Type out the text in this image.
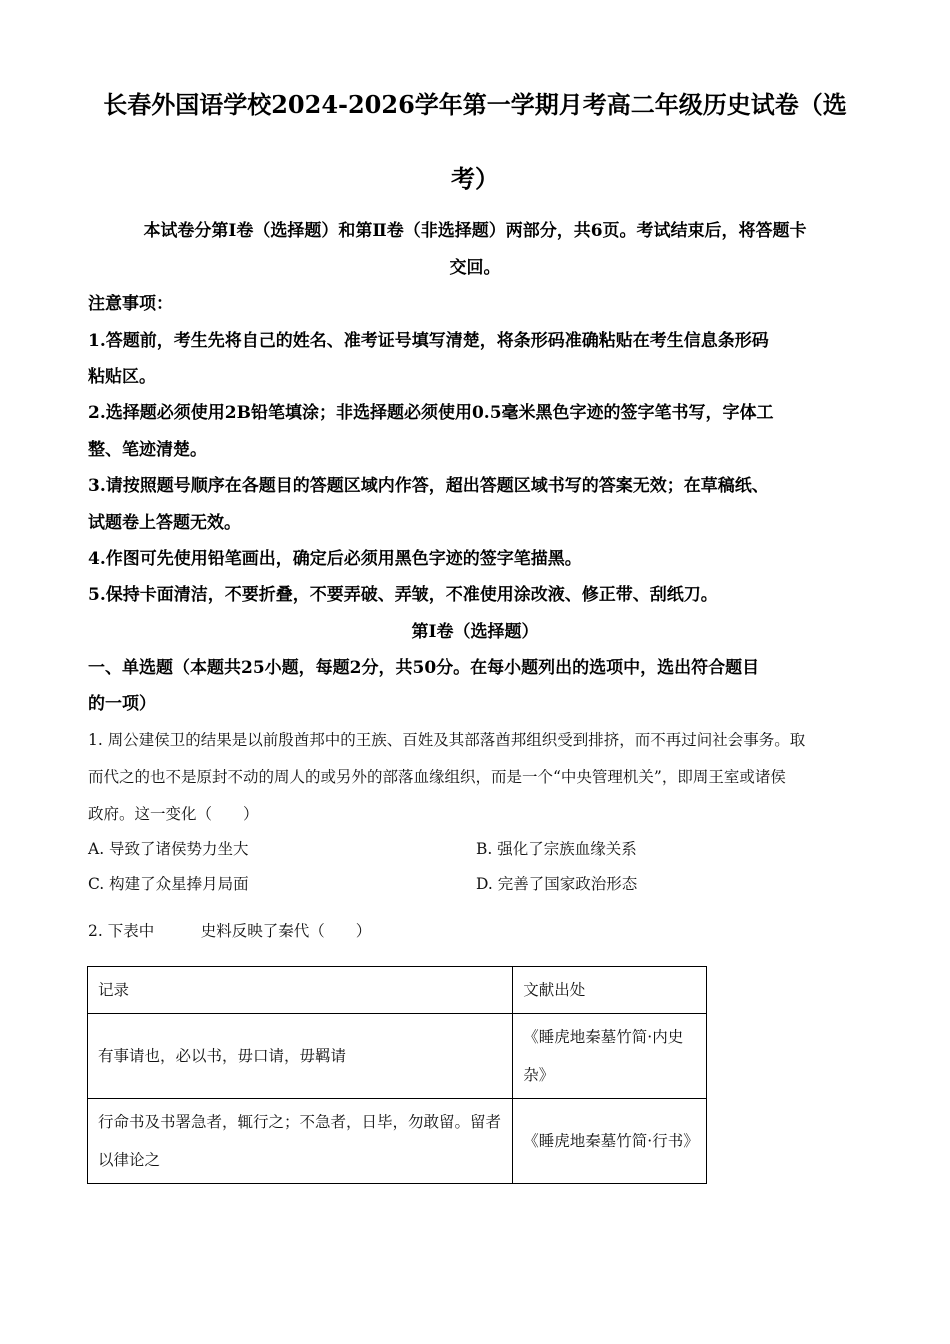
长春外国语学校2024-2026学年第一学期月考高二年级历史试卷（选
考）
本试卷分第Ⅰ卷（选择题）和第Ⅱ卷（非选择题）两部分，共6页。考试结束后，将答题卡
交回。
注意事项：
1.答题前，考生先将自己的姓名、准考证号填写清楚，将条形码准确粘贴在考生信息条形码
粘贴区。
2.选择题必须使用2B铅笔填涂；非选择题必须使用0.5毫米黑色字迹的签字笔书写，字体工
整、笔迹清楚。
3.请按照题号顺序在各题目的答题区域内作答，超出答题区域书写的答案无效；在草稿纸、
试题卷上答题无效。
4.作图可先使用铅笔画出，确定后必须用黑色字迹的签字笔描黑。
5.保持卡面清洁，不要折叠，不要弄破、弄皱，不准使用涂改液、修正带、刮纸刀。
第Ⅰ卷（选择题）
一、单选题（本题共25小题，每题2分，共50分。在每小题列出的选项中，选出符合题目
的一项）
1. 周公建侯卫的结果是以前殷酋邦中的王族、百姓及其部落酋邦组织受到排挤，而不再过问社会事务。取
而代之的也不是原封不动的周人的或另外的部落血缘组织，而是一个“中央管理机关”，即周王室或诸侯
政府。这一变化（　　）
A. 导致了诸侯势力坐大	B. 强化了宗族血缘关系
C. 构建了众星捧月局面	D. 完善了国家政治形态
2. 下表中　　　史料反映了秦代（　　）
记录	文献出处
有事请也，必以书，毋口请，毋羁请	《睡虎地秦墓竹简·内史杂》
行命书及书署急者，辄行之；不急者，日毕，勿敢留。留者以律论之	《睡虎地秦墓竹简·行书》
